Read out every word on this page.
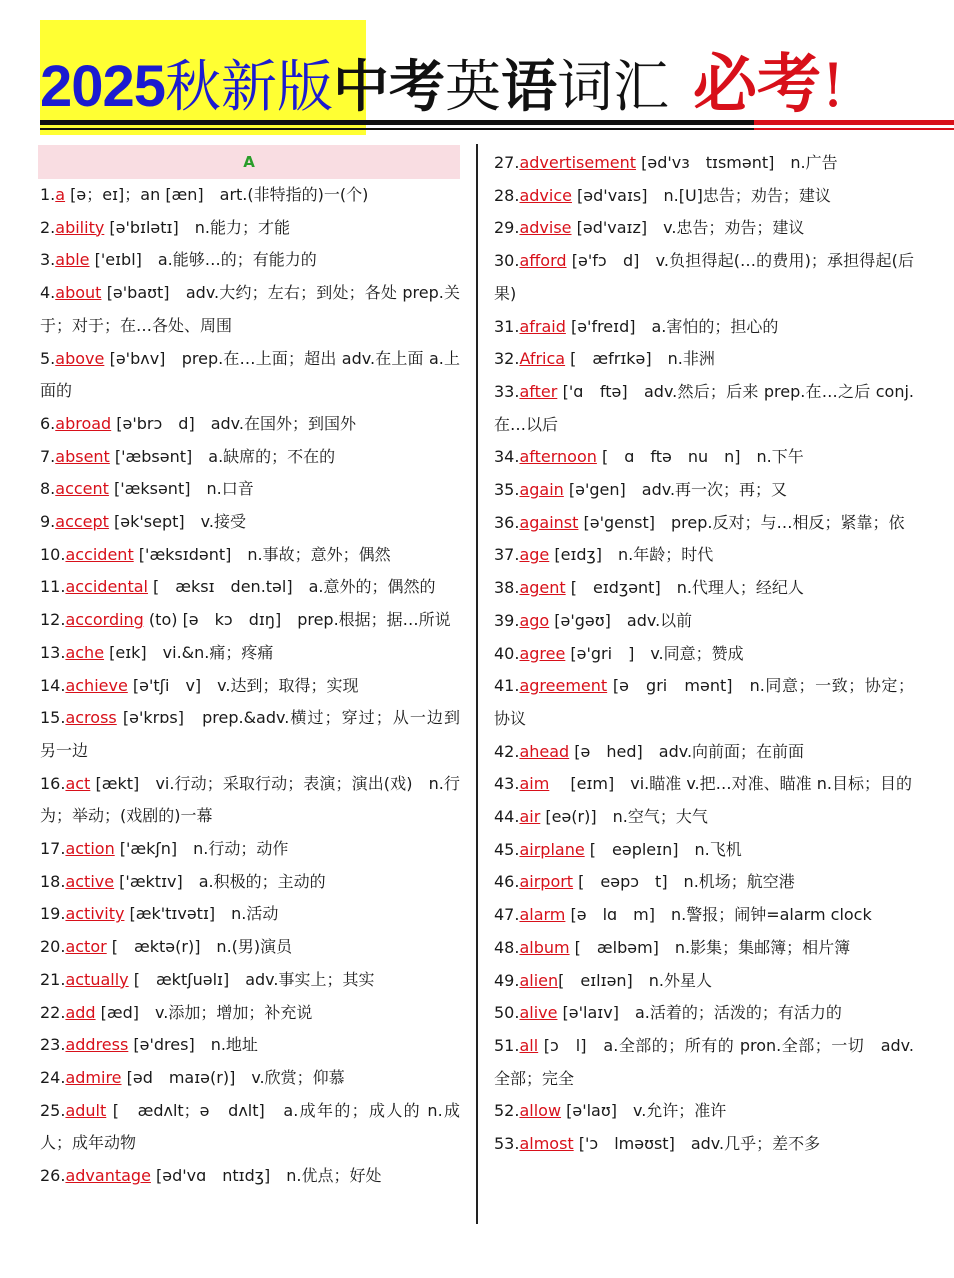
2025秋新版中考英语词汇 必考!
A
1.a [ə；eɪ]；an [æn]　art.(非特指的)一(个)
2.ability [ə'bɪlətɪ]　n.能力；才能
3.able ['eɪbl]　a.能够…的；有能力的
4.about [ə'baʊt]　adv.大约；左右；到处；各处 prep.关于；对于；在…各处、周围
5.above [ə'bʌv]　prep.在…上面；超出 adv.在上面 a.上面的
6.abroad [ə'brɔ　d]　adv.在国外；到国外
7.absent ['æbsənt]　a.缺席的；不在的
8.accent ['æksənt]　n.口音
9.accept [ək'sept]　v.接受
10.accident ['æksɪdənt]　n.事故；意外；偶然
11.accidental [　æksɪ　den.təl]　a.意外的；偶然的
12.according (to) [ə　kɔ　dɪŋ]　prep.根据；据…所说
13.ache [eɪk]　vi.&n.痛；疼痛
14.achieve [ə'tʃi　v]　v.达到；取得；实现
15.across [ə'krɒs]　prep.&adv.横过；穿过；从一边到另一边
16.act [ækt]　vi.行动；采取行动；表演；演出(戏)　n.行为；举动；(戏剧的)一幕
17.action ['ækʃn]　n.行动；动作
18.active ['æktɪv]　a.积极的；主动的
19.activity [æk'tɪvətɪ]　n.活动
20.actor [　æktə(r)]　n.(男)演员
21.actually [　æktʃuəlɪ]　adv.事实上；其实
22.add [æd]　v.添加；增加；补充说
23.address [ə'dres]　n.地址
24.admire [əd　maɪə(r)]　v.欣赏；仰慕
25.adult [　ædʌlt；ə　dʌlt]　a.成年的；成人的 n.成人；成年动物
26.advantage [əd'vɑ　ntɪdʒ]　n.优点；好处
27.advertisement [əd'vɜ　tɪsmənt]　n.广告
28.advice [əd'vaɪs]　n.[U]忠告；劝告；建议
29.advise [əd'vaɪz]　v.忠告；劝告；建议
30.afford [ə'fɔ　d]　v.负担得起(…的费用)；承担得起(后果)
31.afraid [ə'freɪd]　a.害怕的；担心的
32.Africa [　æfrɪkə]　n.非洲
33.after ['ɑ　ftə]　adv.然后；后来 prep.在…之后 conj.在…以后
34.afternoon [　ɑ　ftə　nu　n]　n.下午
35.again [ə'gen]　adv.再一次；再；又
36.against [ə'genst]　prep.反对；与…相反；紧靠；依
37.age [eɪdʒ]　n.年龄；时代
38.agent [　eɪdʒənt]　n.代理人；经纪人
39.ago [ə'gəʊ]　adv.以前
40.agree [ə'gri　]　v.同意；赞成
41.agreement [ə　gri　mənt]　n.同意；一致；协定；协议
42.ahead [ə　hed]　adv.向前面；在前面
43.aim 　[eɪm]　vi.瞄准 v.把…对准、瞄准 n.目标；目的
44.air [eə(r)]　n.空气；大气
45.airplane [　eəpleɪn]　n.飞机
46.airport [　eəpɔ　t]　n.机场；航空港
47.alarm [ə　lɑ　m]　n.警报；闹钟=alarm clock
48.album [　ælbəm]　n.影集；集邮簿；相片簿
49.alien[　eɪlɪən]　n.外星人
50.alive [ə'laɪv]　a.活着的；活泼的；有活力的
51.all [ɔ　l]　a.全部的；所有的 pron.全部；一切　adv.全部；完全
52.allow [ə'laʊ]　v.允许；准许
53.almost ['ɔ　lməʊst]　adv.几乎；差不多
